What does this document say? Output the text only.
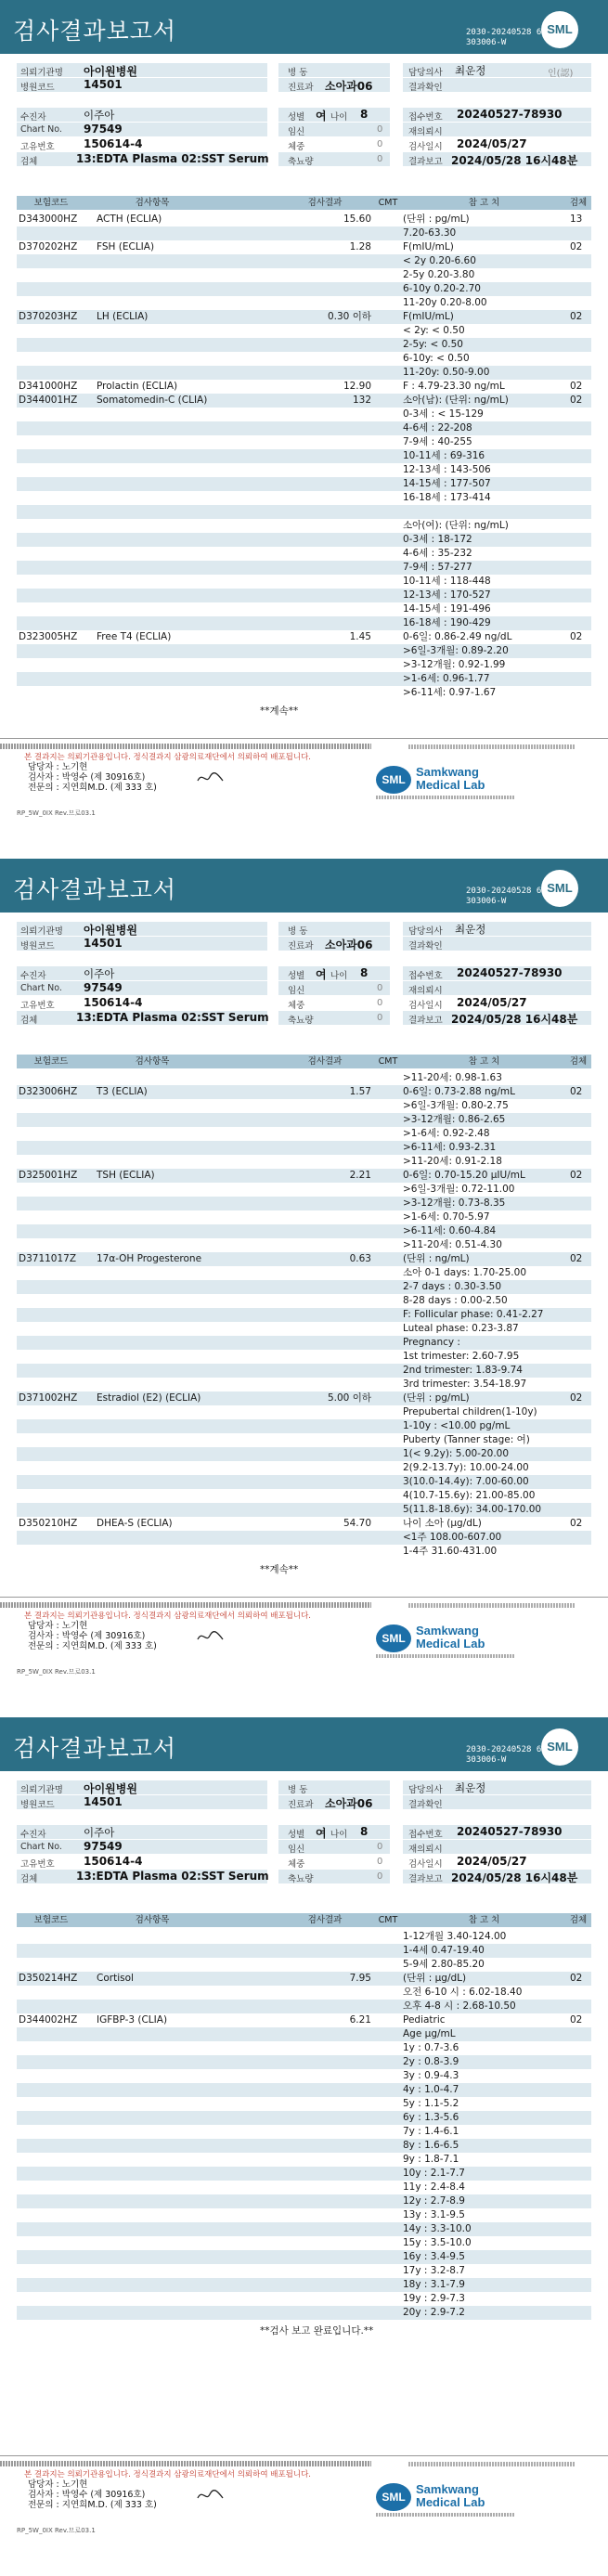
검사결과보고서	2030-20240528 6
303006-W
SML
의뢰기관명 아이원병원
병원코드	14501
수진자	이주아
Chart No. 97549
고유번호	150614-4
검체	13:EDTA Plasma 02:SST Serum
병 동
진료과 소아과06
성별 여 나이 8
임신	0
체중	0
축뇨량	0
담당의사 최운정	인(認)
결과확인
접수번호 20240527-78930
재의뢰시
검사일시 2024/05/27
결과보고 2024/05/28 16시48분
보험코드	검사항목	검사결과	CMT	참 고 치	검체
D343000HZ ACTH (ECLIA)	15.60	(단위 : pg/mL)	13
7.20-63.30
D370202HZ FSH (ECLIA)	1.28	F(mIU/mL)	02
< 2y 0.20-6.60
2-5y 0.20-3.80
6-10y 0.20-2.70
11-20y 0.20-8.00
D370203HZ LH (ECLIA)	0.30 이하	F(mIU/mL)	02
< 2y: < 0.50
2-5y: < 0.50
6-10y: < 0.50
11-20y: 0.50-9.00
D341000HZ Prolactin (ECLIA)	12.90	F : 4.79-23.30 ng/mL	02
D344001HZ Somatomedin-C (CLIA)	132	소아(남): (단위: ng/mL)	02
0-3세 : < 15-129
4-6세 : 22-208
7-9세 : 40-255
10-11세 : 69-316
12-13세 : 143-506
14-15세 : 177-507
16-18세 : 173-414
소아(여): (단위: ng/mL)
0-3세 : 18-172
4-6세 : 35-232
7-9세 : 57-277
10-11세 : 118-448
12-13세 : 170-527
14-15세 : 191-496
16-18세 : 190-429
D323005HZ Free T4 (ECLIA)	1.45	0-6일: 0.86-2.49 ng/dL	02
>6일-3개월: 0.89-2.20
>3-12개월: 0.92-1.99
>1-6세: 0.96-1.77
>6-11세: 0.97-1.67
**계속**
본 결과지는 의뢰기관용입니다. 정식결과지 삼광의료재단에서 의뢰하여 배포됩니다.
담당자 : 노기현
검사자 : 박영수 (제 30916호)
전문의 : 지연희M.D. (제 333 호)
SML
Samkwang
Medical Lab
RP_5W_0IX Rev.므로03.1
검사결과보고서	2030-20240528 6
303006-W
SML
의뢰기관명 아이원병원
병원코드	14501
수진자	이주아
Chart No. 97549
고유번호	150614-4
검체	13:EDTA Plasma 02:SST Serum
병 동
진료과 소아과06
성별 여 나이 8
임신	0
체중	0
축뇨량	0
담당의사 최운정
결과확인
접수번호 20240527-78930
재의뢰시
검사일시 2024/05/27
결과보고 2024/05/28 16시48분
보험코드	검사항목	검사결과	CMT	참 고 치	검체
>11-20세: 0.98-1.63
D323006HZ T3 (ECLIA)	1.57	0-6일: 0.73-2.88 ng/mL	02
>6일-3개월: 0.80-2.75
>3-12개월: 0.86-2.65
>1-6세: 0.92-2.48
>6-11세: 0.93-2.31
>11-20세: 0.91-2.18
D325001HZ TSH (ECLIA)	2.21	0-6일: 0.70-15.20 μIU/mL	02
>6일-3개월: 0.72-11.00
>3-12개월: 0.73-8.35
>1-6세: 0.70-5.97
>6-11세: 0.60-4.84
>11-20세: 0.51-4.30
D3711017Z 17α-OH Progesterone	0.63	(단위 : ng/mL)	02
소아 0-1 days: 1.70-25.00
2-7 days : 0.30-3.50
8-28 days : 0.00-2.50
F: Follicular phase: 0.41-2.27
Luteal phase: 0.23-3.87
Pregnancy :
1st trimester: 2.60-7.95
2nd trimester: 1.83-9.74
3rd trimester: 3.54-18.97
D371002HZ Estradiol (E2) (ECLIA)	5.00 이하	(단위 : pg/mL)	02
Prepubertal children(1-10y)
1-10y : <10.00 pg/mL
Puberty (Tanner stage: 여)
1(< 9.2y): 5.00-20.00
2(9.2-13.7y): 10.00-24.00
3(10.0-14.4y): 7.00-60.00
4(10.7-15.6y): 21.00-85.00
5(11.8-18.6y): 34.00-170.00
D350210HZ DHEA-S (ECLIA)	54.70	나이 소아 (μg/dL)	02
<1주 108.00-607.00
1-4주 31.60-431.00
**계속**
본 결과지는 의뢰기관용입니다. 정식결과지 삼광의료재단에서 의뢰하여 배포됩니다.
담당자 : 노기현
검사자 : 박영수 (제 30916호)
전문의 : 지연희M.D. (제 333 호)
SML
Samkwang
Medical Lab
RP_5W_0IX Rev.므로03.1
검사결과보고서	2030-20240528 6
303006-W
SML
의뢰기관명 아이원병원
병원코드	14501
수진자	이주아
Chart No. 97549
고유번호	150614-4
검체	13:EDTA Plasma 02:SST Serum
병 동
진료과 소아과06
성별 여 나이 8
임신	0
체중	0
축뇨량	0
담당의사 최운정
결과확인
접수번호 20240527-78930
재의뢰시
검사일시 2024/05/27
결과보고 2024/05/28 16시48분
보험코드	검사항목	검사결과	CMT	참 고 치	검체
1-12개월 3.40-124.00
1-4세 0.47-19.40
5-9세 2.80-85.20
D350214HZ Cortisol	7.95	(단위 : μg/dL)	02
오전 6-10 시 : 6.02-18.40
오후 4-8 시 : 2.68-10.50
D344002HZ IGFBP-3 (CLIA)	6.21	Pediatric	02
Age μg/mL
1y : 0.7-3.6
2y : 0.8-3.9
3y : 0.9-4.3
4y : 1.0-4.7
5y : 1.1-5.2
6y : 1.3-5.6
7y : 1.4-6.1
8y : 1.6-6.5
9y : 1.8-7.1
10y : 2.1-7.7
11y : 2.4-8.4
12y : 2.7-8.9
13y : 3.1-9.5
14y : 3.3-10.0
15y : 3.5-10.0
16y : 3.4-9.5
17y : 3.2-8.7
18y : 3.1-7.9
19y : 2.9-7.3
20y : 2.9-7.2
**검사 보고 완료입니다.**
본 결과지는 의뢰기관용입니다. 정식결과지 삼광의료재단에서 의뢰하여 배포됩니다.
담당자 : 노기현
검사자 : 박영수 (제 30916호)
전문의 : 지연희M.D. (제 333 호)
SML
Samkwang
Medical Lab
RP_5W_0IX Rev.므로03.1
